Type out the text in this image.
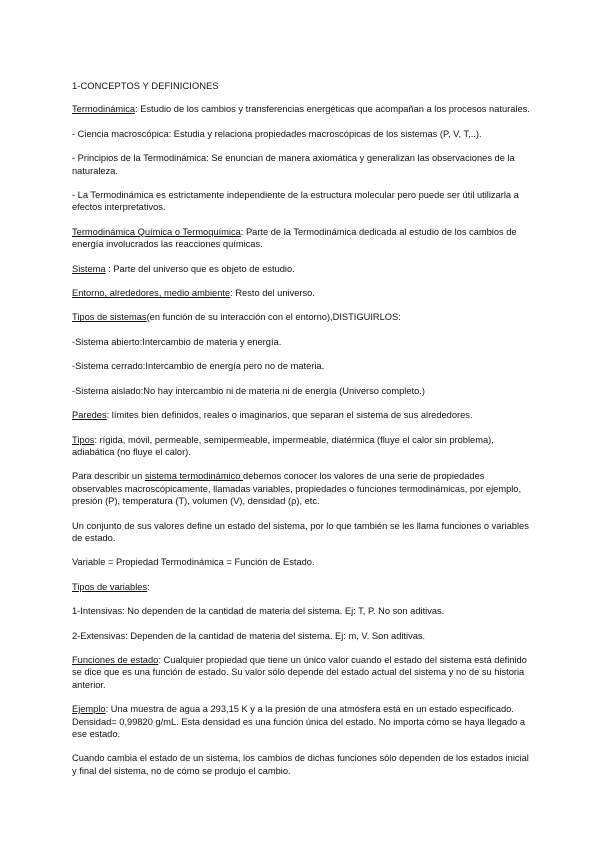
1-CONCEPTOS Y DEFINICIONES

Termodinámica: Estudio de los cambios y transferencias energéticas que acompañan a los procesos naturales.

- Ciencia macroscópica: Estudia y relaciona propiedades macroscópicas de los sistemas (P, V, T,..).

- Principios de la Termodinámica: Se enuncian de manera axiomática y generalizan las observaciones de la naturaleza.

- La Termodinámica es estrictamente independiente de la estructura molecular pero puede ser útil utilizarla a efectos interpretativos.

Termodinámica Química o Termoquímica: Parte de la Termodinámica dedicada al estudio de los cambios de energía involucrados las reacciones químicas.

Sistema : Parte del universo que es objeto de estudio.

Entorno, alrededores, medio ambiente: Resto del universo.

Tipos de sistemas(en función de su interacción con el entorno),DISTIGUIRLOS:

-Sistema abierto:Intercambio de materia y energía.

-Sistema cerrado:Intercambio de energía pero no de materia.

-Sistema aislado:No hay intercambio ni de materia ni de energía (Universo completo.)

Paredes: límites bien definidos, reales o imaginarios, que separan el sistema de sus alrededores.

Tipos: rígida, móvil, permeable, semipermeable, impermeable, diatérmica (fluye el calor sin problema), adiabática (no fluye el calor).

Para describir un sistema termodinámico debemos conocer los valores de una serie de propiedades observables macroscópicamente, llamadas variables, propiedades o funciones termodinámicas, por ejemplo, presión (P), temperatura (T), volumen (V), densidad (ρ), etc.

Un conjunto de sus valores define un estado del sistema, por lo que también se les llama funciones o variables de estado.

Variable = Propiedad Termodinámica = Función de Estado.

Tipos de variables:

1-Intensivas: No dependen de la cantidad de materia del sistema. Ej: T, P. No son aditivas.

2-Extensivas: Dependen de la cantidad de materia del sistema. Ej: m, V. Son aditivas.

Funciones de estado: Cualquier propiedad que tiene un único valor cuando el estado del sistema está definido se dice que es una función de estado. Su valor sólo depende del estado actual del sistema y no de su historia anterior.

Ejemplo: Una muestra de agua a 293,15 K y a la presión de una atmósfera está en un estado especificado. Densidad= 0,99820 g/mL. Esta densidad es una función única del estado. No importa cómo se haya llegado a ese estado.

Cuando cambia el estado de un sistema, los cambios de dichas funciones sólo dependen de los estados inicial y final del sistema, no de cómo se produjo el cambio.
